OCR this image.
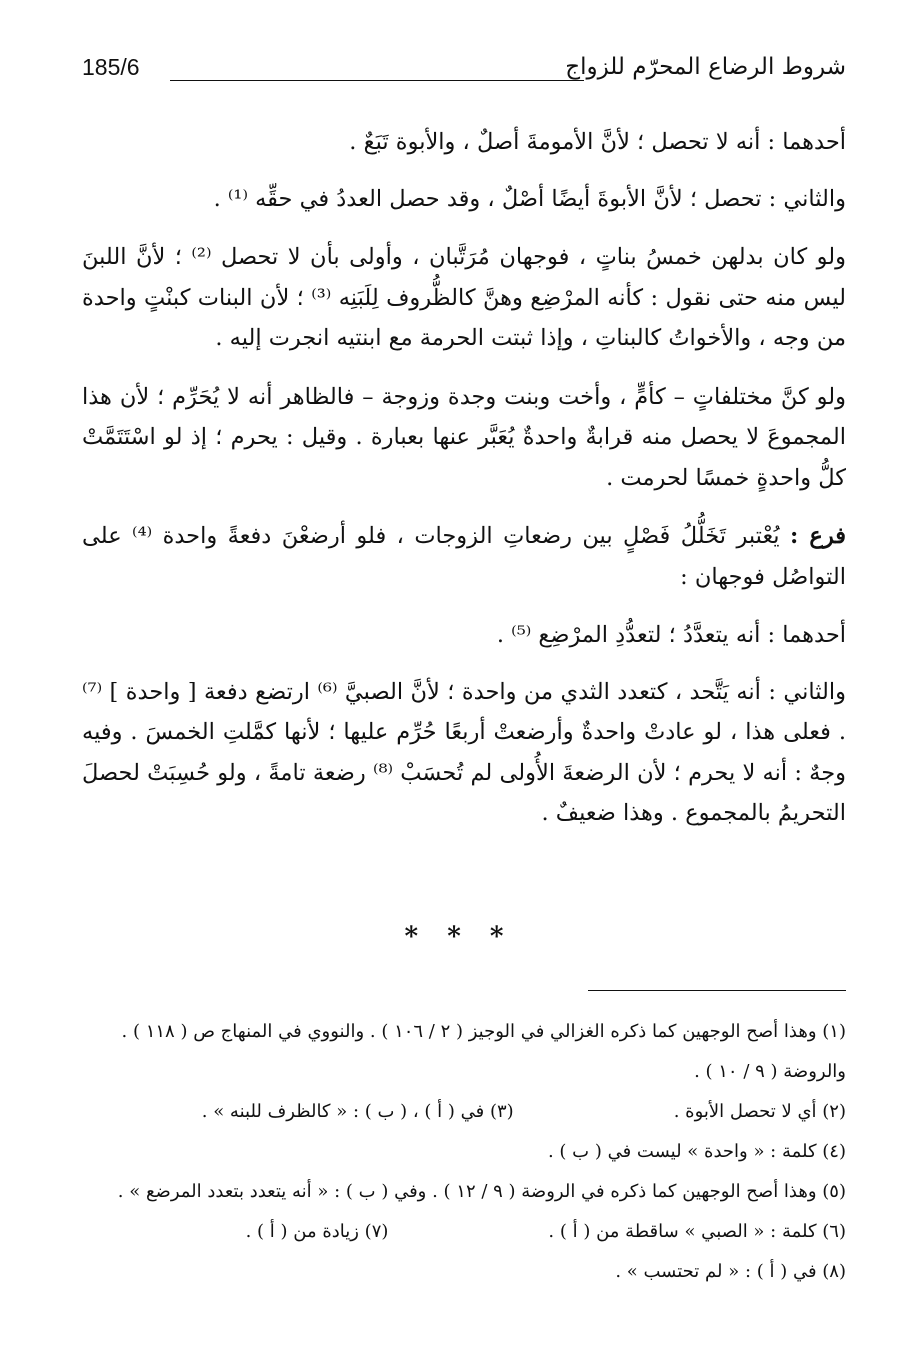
شروط الرضاع المحرّم للزواج
185/6

أحدهما : أنه لا تحصل ؛ لأنَّ الأمومةَ أصلٌ ، والأبوة تَبَعٌ .

والثاني : تحصل ؛ لأنَّ الأبوةَ أيضًا أصْلٌ ، وقد حصل العددُ في حقِّه ⁽¹⁾ .

ولو كان بدلهن خمسُ بناتٍ ، فوجهان مُرَتَّبان ، وأولى بأن لا تحصل ⁽²⁾ ؛ لأنَّ اللبنَ ليس منه حتى نقول : كأنه المرْضِع وهنَّ كالظُّروف لِلَبَنِه ⁽³⁾ ؛ لأن البنات كبنْتٍ واحدة من وجه ، والأخواتُ كالبناتِ ، وإذا ثبتت الحرمة مع ابنتيه انجرت إليه .

ولو كنَّ مختلفاتٍ – كأمٍّ ، وأخت وبنت وجدة وزوجة – فالظاهر أنه لا يُحَرِّم ؛ لأن هذا المجموعَ لا يحصل منه قرابةٌ واحدةٌ يُعَبَّر عنها بعبارة . وقيل : يحرم ؛ إذ لو اسْتَتَمَّتْ كلُّ واحدةٍ خمسًا لحرمت .

فرع : يُعْتبر تَخَلُّلُ فَصْلٍ بين رضعاتِ الزوجات ، فلو أرضعْنَ دفعةً واحدة ⁽⁴⁾ على التواصُل فوجهان :

أحدهما : أنه يتعدَّدُ ؛ لتعدُّدِ المرْضِع ⁽⁵⁾ .

والثاني : أنه يَتَّحد ، كتعدد الثدي من واحدة ؛ لأنَّ الصبيَّ ⁽⁶⁾ ارتضع دفعة [ واحدة ] ⁽⁷⁾ . فعلى هذا ، لو عادتْ واحدةٌ وأرضعتْ أربعًا حُرِّم عليها ؛ لأنها كمَّلتِ الخمسَ . وفيه وجهٌ : أنه لا يحرم ؛ لأن الرضعةَ الأُولى لم تُحسَبْ ⁽⁸⁾ رضعة تامةً ، ولو حُسِبَتْ لحصلَ التحريمُ بالمجموع . وهذا ضعيفٌ .

* * *
(١) وهذا أصح الوجهين كما ذكره الغزالي في الوجيز ( ٢ / ١٠٦ ) . والنووي في المنهاج ص ( ١١٨ ) . والروضة ( ٩ / ١٠ ) .
(٢) أي لا تحصل الأبوة .
(٣) في ( أ ) ، ( ب ) : « كالظرف للبنه » .
(٤) كلمة : « واحدة » ليست في ( ب ) .
(٥) وهذا أصح الوجهين كما ذكره في الروضة ( ٩ / ١٢ ) . وفي ( ب ) : « أنه يتعدد بتعدد المرضع » .
(٦) كلمة : « الصبي » ساقطة من ( أ ) .
(٧) زيادة من ( أ ) .
(٨) في ( أ ) : « لم تحتسب » .
